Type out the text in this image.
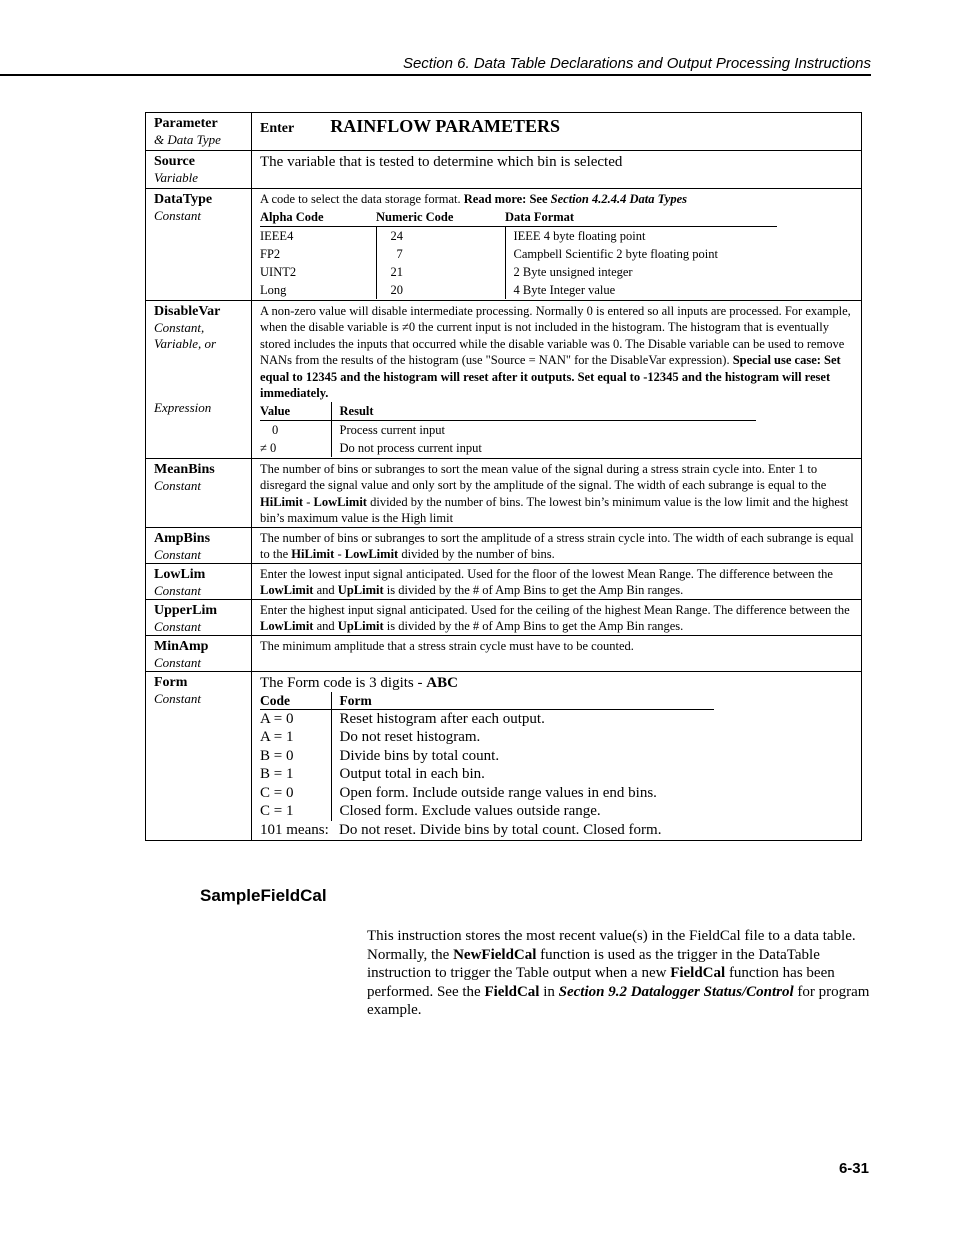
Section 6. Data Table Declarations and Output Processing Instructions
Parameter
& Data Type
	Enter RAINFLOW PARAMETERS

Source
Variable
	The variable that is tested to determine which bin is selected

DataType
Constant

A code to select the data storage format. Read more: See Section 4.2.4.4 Data Types
Alpha Code	Numeric Code	Data Format
IEEE4	24	IEEE 4 byte floating point
FP2	7	Campbell Scientific 2 byte floating point
UINT2	21	2 Byte unsigned integer
Long	20	4 Byte Integer value

DisableVar
Constant,
Variable, or
Expression

A non-zero value will disable intermediate processing. Normally 0 is entered so all inputs are processed. For example, when the disable variable is ≠0 the current input is not included in the histogram. The histogram that is eventually stored includes the inputs that occurred while the disable variable was 0. The Disable variable can be used to remove NANs from the results of the histogram (use "Source = NAN" for the DisableVar expression). Special use case: Set equal to 12345 and the histogram will reset after it outputs. Set equal to -12345 and the histogram will reset immediately.
Value	Result
0	Process current input
≠ 0	Do not process current input

MeanBins
Constant
	The number of bins or subranges to sort the mean value of the signal during a stress strain cycle into. Enter 1 to disregard the signal value and only sort by the amplitude of the signal. The width of each subrange is equal to the HiLimit - LowLimit divided by the number of bins. The lowest bin’s minimum value is the low limit and the highest bin’s maximum value is the High limit

AmpBins
Constant
	The number of bins or subranges to sort the amplitude of a stress strain cycle into. The width of each subrange is equal to the HiLimit - LowLimit divided by the number of bins.

LowLim
Constant
	Enter the lowest input signal anticipated. Used for the floor of the lowest Mean Range. The difference between the LowLimit and UpLimit is divided by the # of Amp Bins to get the Amp Bin ranges.

UpperLim
Constant
	Enter the highest input signal anticipated. Used for the ceiling of the highest Mean Range. The difference between the LowLimit and UpLimit is divided by the # of Amp Bins to get the Amp Bin ranges.

MinAmp
Constant
	The minimum amplitude that a stress strain cycle must have to be counted.

Form
Constant

The Form code is 3 digits - ABC
Code	Form
A = 0	Reset histogram after each output.
A = 1	Do not reset histogram.
B = 0	Divide bins by total count.
B = 1	Output total in each bin.
C = 0	Open form. Include outside range values in end bins.
C = 1	Closed form. Exclude values outside range.
101 means:	Do not reset. Divide bins by total count. Closed form.
SampleFieldCal
This instruction stores the most recent value(s) in the FieldCal file to a data table. Normally, the NewFieldCal function is used as the trigger in the DataTable instruction to trigger the Table output when a new FieldCal function has been performed. See the FieldCal in Section 9.2 Datalogger Status/Control for program example.
6-31
